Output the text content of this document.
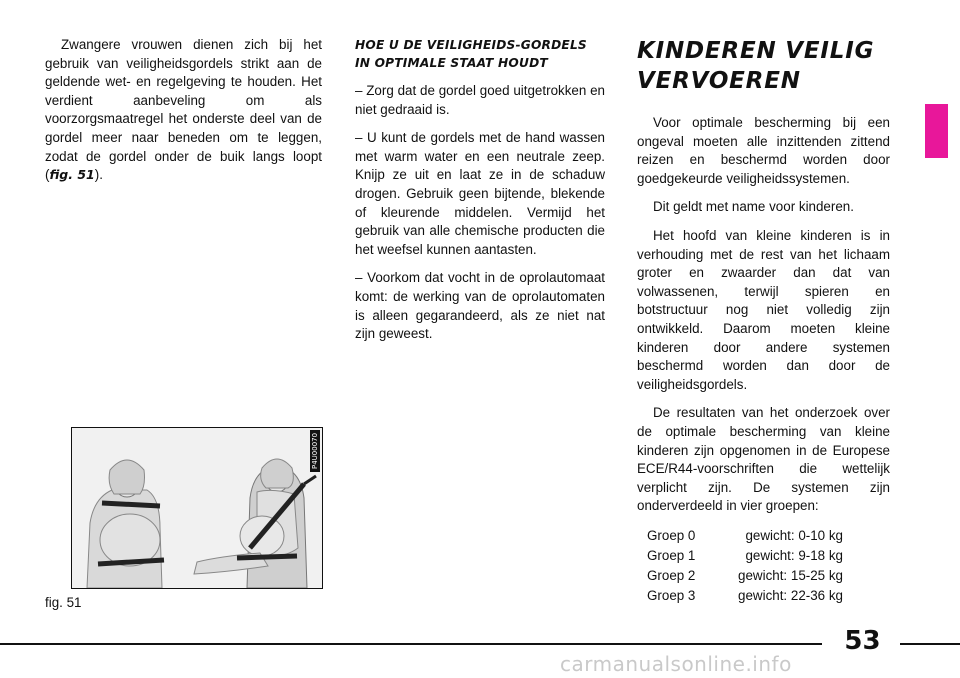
Zwangere vrouwen dienen zich bij het gebruik van veiligheidsgordels strikt aan de geldende wet- en regelgeving te houden. Het verdient aanbeveling om als voorzorgsmaatregel het onderste deel van de gordel meer naar beneden om te leggen, zodat de gordel onder de buik langs loopt (fig. 51).

HOE U DE VEILIGHEIDS-GORDELS IN OPTIMALE STAAT HOUDT

– Zorg dat de gordel goed uitgetrokken en niet gedraaid is.

– U kunt de gordels met de hand wassen met warm water en een neutrale zeep. Knijp ze uit en laat ze in de schaduw drogen. Gebruik geen bijtende, blekende of kleurende middelen. Vermijd het gebruik van alle chemische producten die het weefsel kunnen aantasten.

– Voorkom dat vocht in de oprolautomaat komt: de werking van de oprolautomaten is alleen gegarandeerd, als ze niet nat zijn geweest.

KINDEREN VEILIG VERVOEREN

Voor optimale bescherming bij een ongeval moeten alle inzittenden zittend reizen en beschermd worden door goedgekeurde veiligheidssystemen.

Dit geldt met name voor kinderen.

Het hoofd van kleine kinderen is in verhouding met de rest van het lichaam groter en zwaarder dan dat van volwassenen, terwijl spieren en botstructuur nog niet volledig zijn ontwikkeld. Daarom moeten kleine kinderen door andere systemen beschermd worden dan door de veiligheidsgordels.

De resultaten van het onderzoek over de optimale bescherming van kleine kinderen zijn opgenomen in de Europese ECE/R44-voorschriften die wettelijk verplicht zijn. De systemen zijn onderverdeeld in vier groepen:

Groep 0	gewicht: 0-10 kg
Groep 1	gewicht: 9-18 kg
Groep 2	gewicht: 15-25 kg
Groep 3	gewicht: 22-36 kg
P4U00070
fig. 51
53
carmanualsonline.info
